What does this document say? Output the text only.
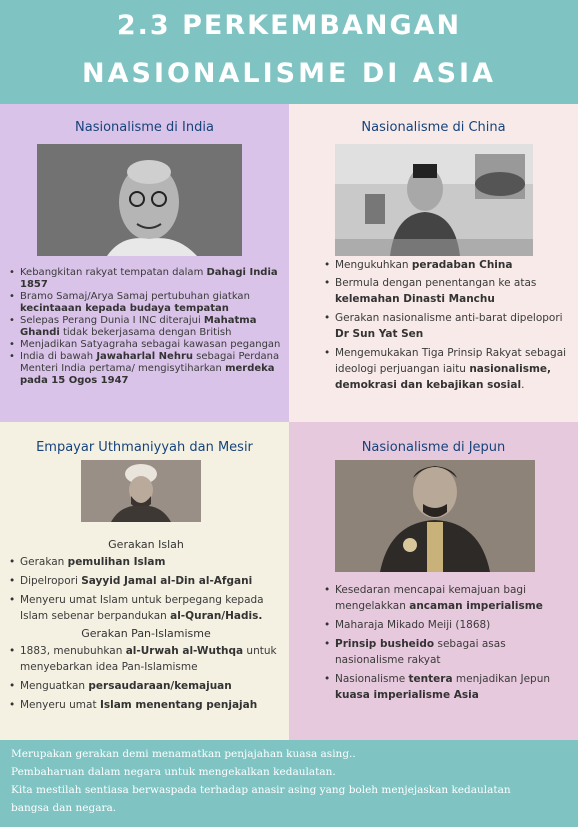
2.3 PERKEMBANGAN
NASIONALISME DI ASIA
Nasionalisme di India
• Kebangkitan rakyat tempatan dalam Dahagi India 1857
• Bramo Samaj/Arya Samaj pertubuhan giatkan kecintaaan kepada budaya tempatan
• Selepas Perang Dunia I INC diterajui Mahatma Ghandi tidak bekerjasama dengan British
• Menjadikan Satyagraha sebagai kawasan pegangan
• India di bawah Jawaharlal Nehru sebagai Perdana Menteri India pertama/ mengisytiharkan merdeka pada 15 Ogos 1947
Nasionalisme di China
• Mengukuhkan peradaban China
• Bermula dengan penentangan ke atas kelemahan Dinasti Manchu
• Gerakan nasionalisme anti-barat dipelopori Dr Sun Yat Sen
• Mengemukakan Tiga Prinsip Rakyat sebagai ideologi perjuangan iaitu nasionalisme, demokrasi dan kebajikan sosial.
Empayar Uthmaniyyah dan Mesir
Gerakan Islah
• Gerakan pemulihan Islam
• Dipelropori Sayyid Jamal al-Din al-Afgani
• Menyeru umat Islam untuk berpegang kepada Islam sebenar berpandukan al-Quran/Hadis.
Gerakan Pan-Islamisme
• 1883, menubuhkan al-Urwah al-Wuthqa untuk menyebarkan idea Pan-Islamisme
• Menguatkan persaudaraan/kemajuan
• Menyeru umat Islam menentang penjajah
Nasionalisme di Jepun
• Kesedaran mencapai kemajuan bagi mengelakkan ancaman imperialisme
• Maharaja Mikado Meiji (1868)
• Prinsip busheido sebagai asas nasionalisme rakyat
• Nasionalisme tentera menjadikan Jepun kuasa imperialisme Asia

Merupakan gerakan demi menamatkan penjajahan kuasa asing..

Pembaharuan dalam negara untuk mengekalkan kedaulatan.

Kita mestilah sentiasa berwaspada terhadap anasir asing yang boleh menjejaskan kedaulatan

bangsa dan negara.
